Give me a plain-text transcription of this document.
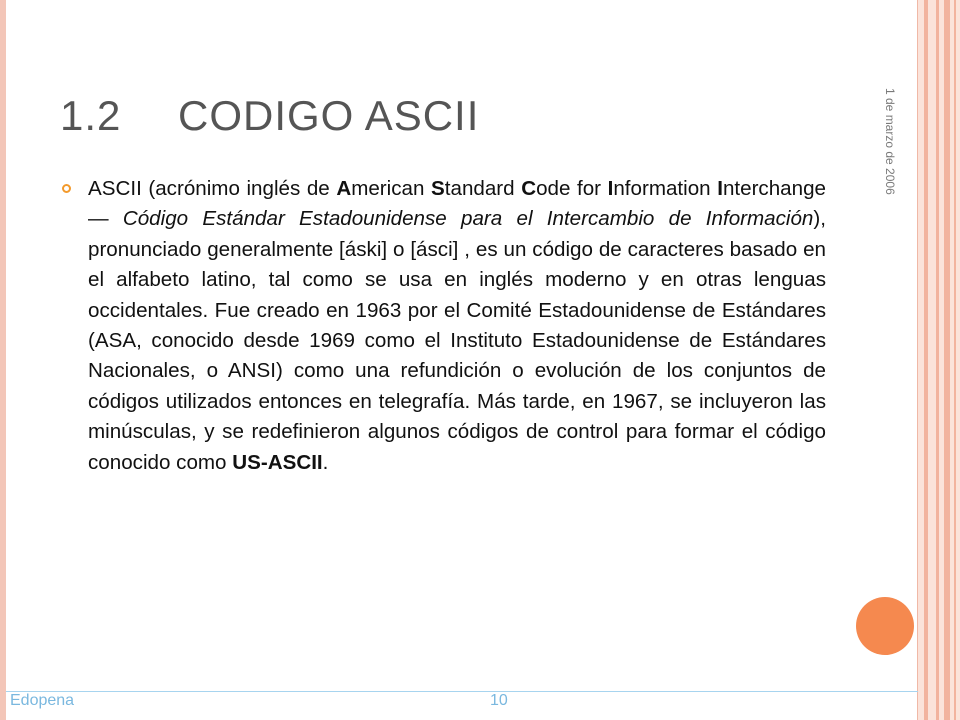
1.2 CODIGO ASCII	1 de marzo de 2006
ASCII (acrónimo inglés de American Standard Code for Information Interchange — Código Estándar Estadounidense para el Intercambio de Información), pronunciado generalmente [áski] o [ásci] , es un código de caracteres basado en el alfabeto latino, tal como se usa en inglés moderno y en otras lenguas occidentales. Fue creado en 1963 por el Comité Estadounidense de Estándares (ASA, conocido desde 1969 como el Instituto Estadounidense de Estándares Nacionales, o ANSI) como una refundición o evolución de los conjuntos de códigos utilizados entonces en telegrafía. Más tarde, en 1967, se incluyeron las minúsculas, y se redefinieron algunos códigos de control para formar el código conocido como US-ASCII.
Edopena	10
